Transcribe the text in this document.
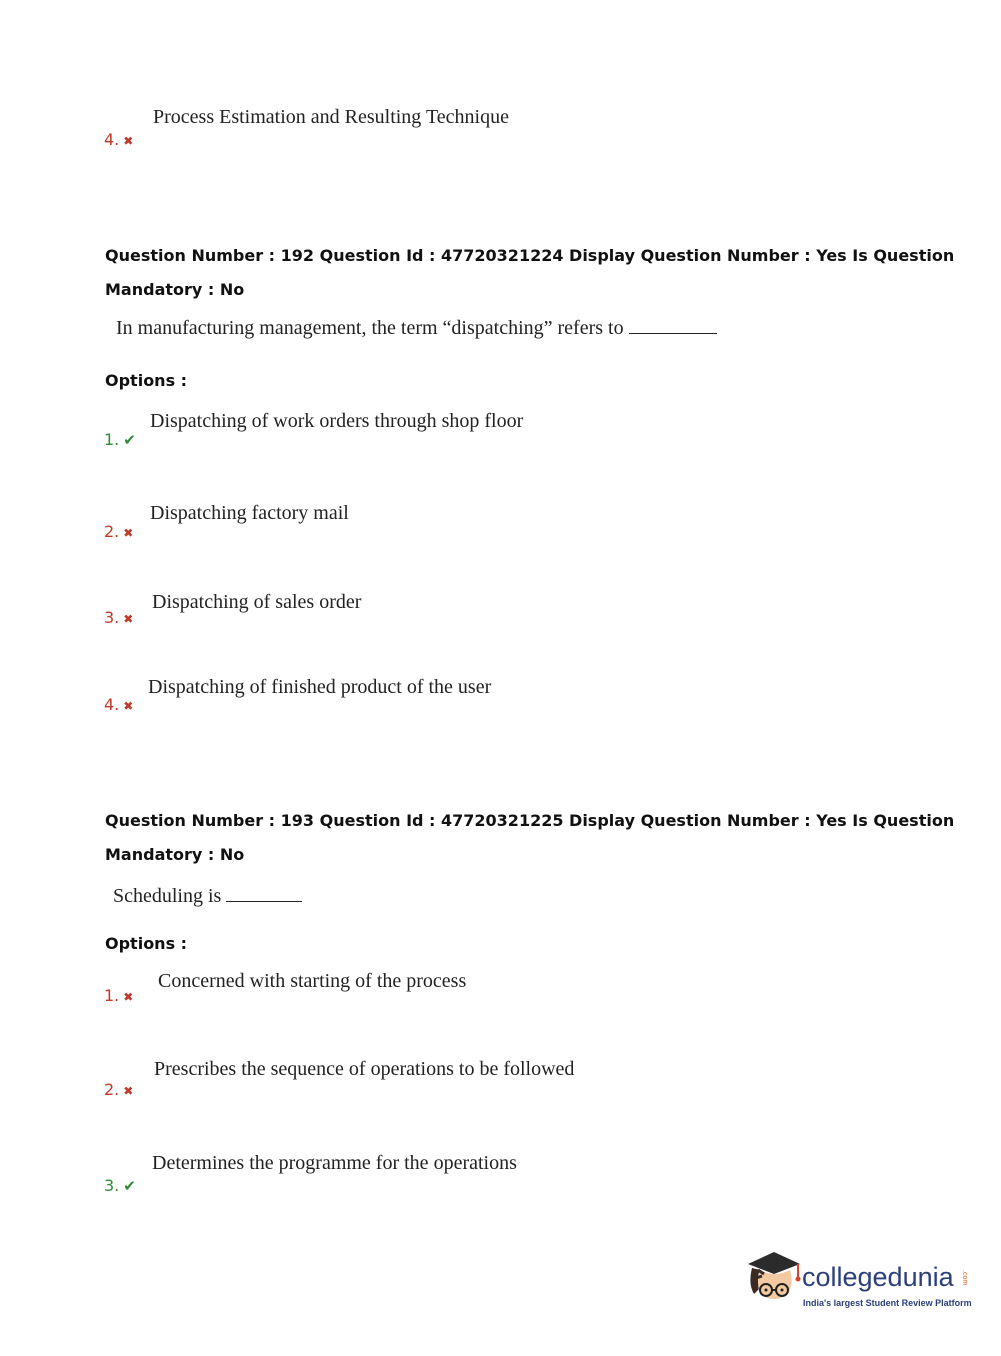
Process Estimation and Resulting Technique
4. ✖
Question Number : 192 Question Id : 47720321224 Display Question Number : Yes Is Question
Mandatory : No
In manufacturing management, the term “dispatching” refers to
Options :
Dispatching of work orders through shop floor
1. ✔
Dispatching factory mail
2. ✖
Dispatching of sales order
3. ✖
Dispatching of finished product of the user
4. ✖
Question Number : 193 Question Id : 47720321225 Display Question Number : Yes Is Question
Mandatory : No
Scheduling is
Options :
Concerned with starting of the process
1. ✖
Prescribes the sequence of operations to be followed
2. ✖
Determines the programme for the operations
3. ✔
collegedunia .com
India's largest Student Review Platform
